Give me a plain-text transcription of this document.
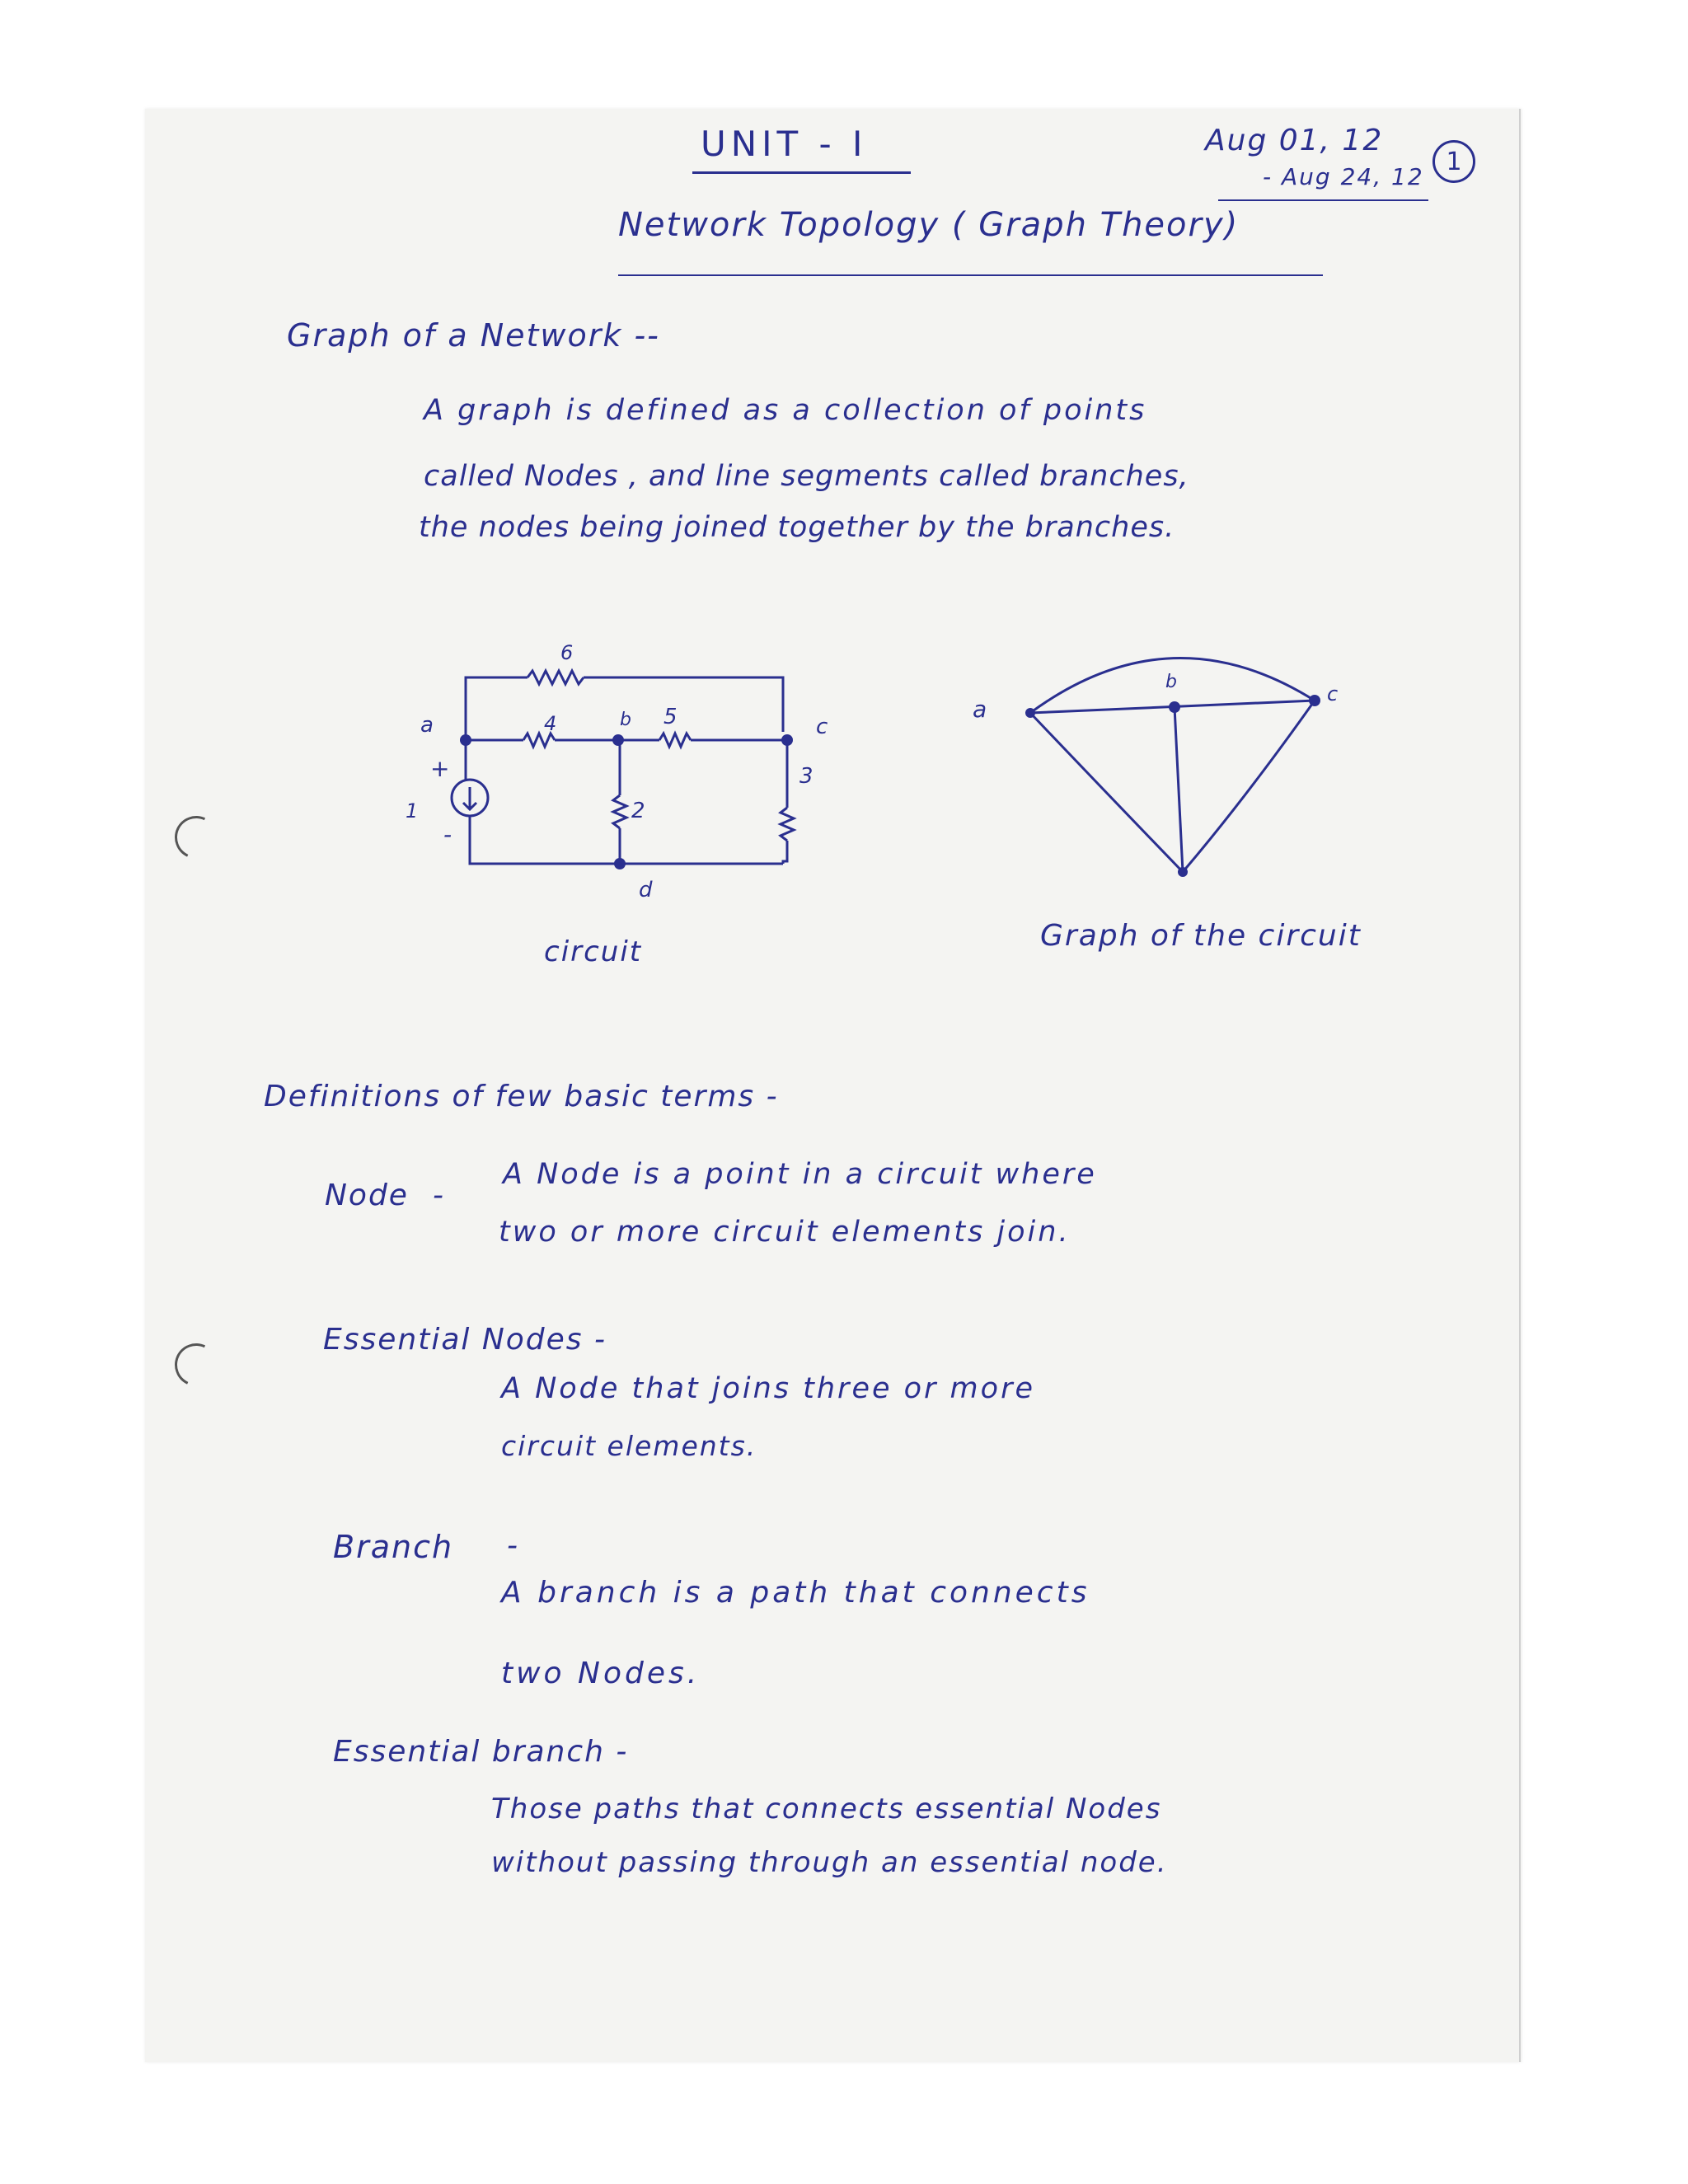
UNIT - I	Aug 01, 12
- Aug 24, 12
1
Network Topology ( Graph Theory)
Graph of a Network --
A graph is defined as a collection of points
called Nodes , and line segments called branches,
the nodes being joined together by the branches.
6
4	5
2
3
1
a	b	c
d
+
-
circuit
a
b
c
Graph of the circuit
Definitions of few basic terms -
Node -
A Node is a point in a circuit where
two or more circuit elements join.
Essential Nodes -
A Node that joins three or more
circuit elements.
Branch -
A branch is a path that connects
two Nodes.
Essential branch -
Those paths that connects essential Nodes
without passing through an essential node.
